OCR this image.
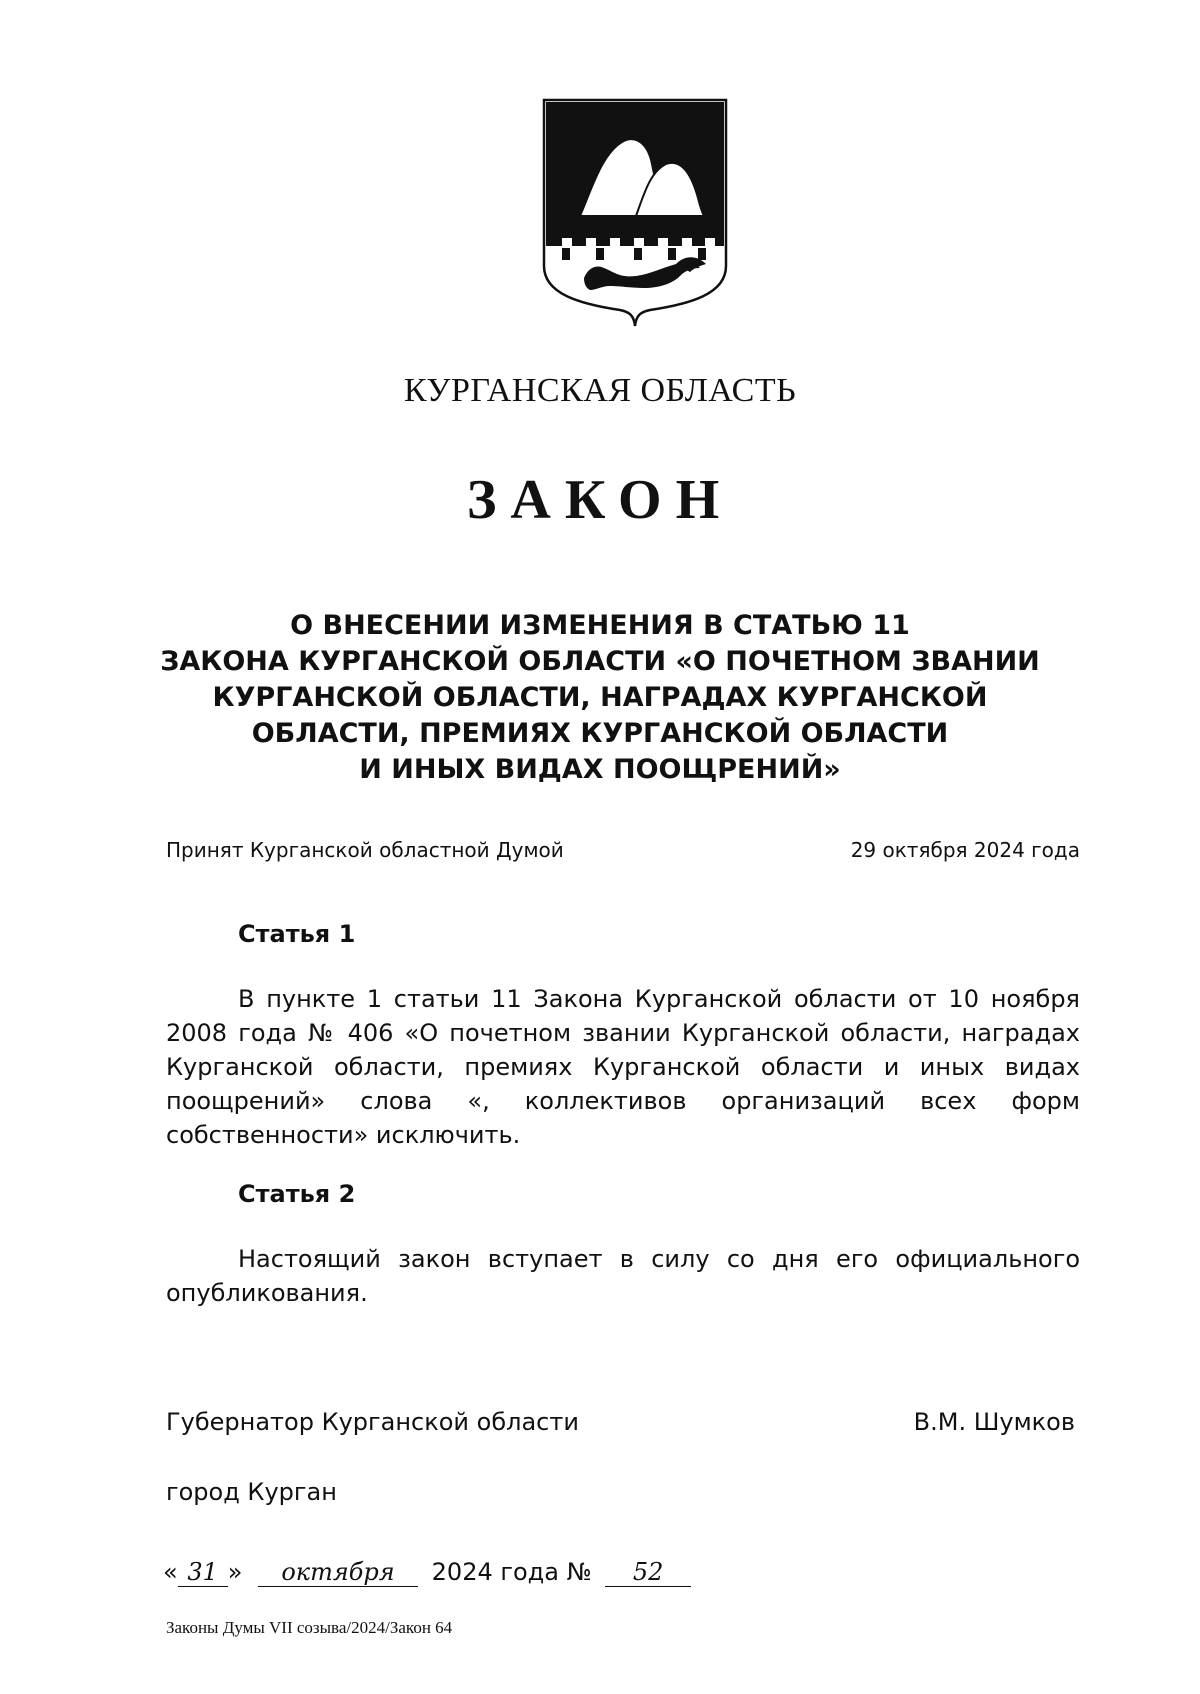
КУРГАНСКАЯ ОБЛАСТЬ
ЗАКОН
О ВНЕСЕНИИ ИЗМЕНЕНИЯ В СТАТЬЮ 11
ЗАКОНА КУРГАНСКОЙ ОБЛАСТИ «О ПОЧЕТНОМ ЗВАНИИ
КУРГАНСКОЙ ОБЛАСТИ, НАГРАДАХ КУРГАНСКОЙ
ОБЛАСТИ, ПРЕМИЯХ КУРГАНСКОЙ ОБЛАСТИ
И ИНЫХ ВИДАХ ПООЩРЕНИЙ»
Принят Курганской областной Думой	29 октября 2024 года
Статья 1
В пункте 1 статьи 11 Закона Курганской области от 10 ноября 2008 года № 406 «О почетном звании Курганской области, наградах Курганской области, премиях Курганской области и иных видах поощрений» слова «, коллективов организаций всех форм собственности» исключить.
Статья 2
Настоящий закон вступает в силу со дня его официального опубликования.
Губернатор Курганской области	В.М. Шумков
город Курган
« 31 » октября 2024 года № 52
Законы Думы VII созыва/2024/Закон 64
